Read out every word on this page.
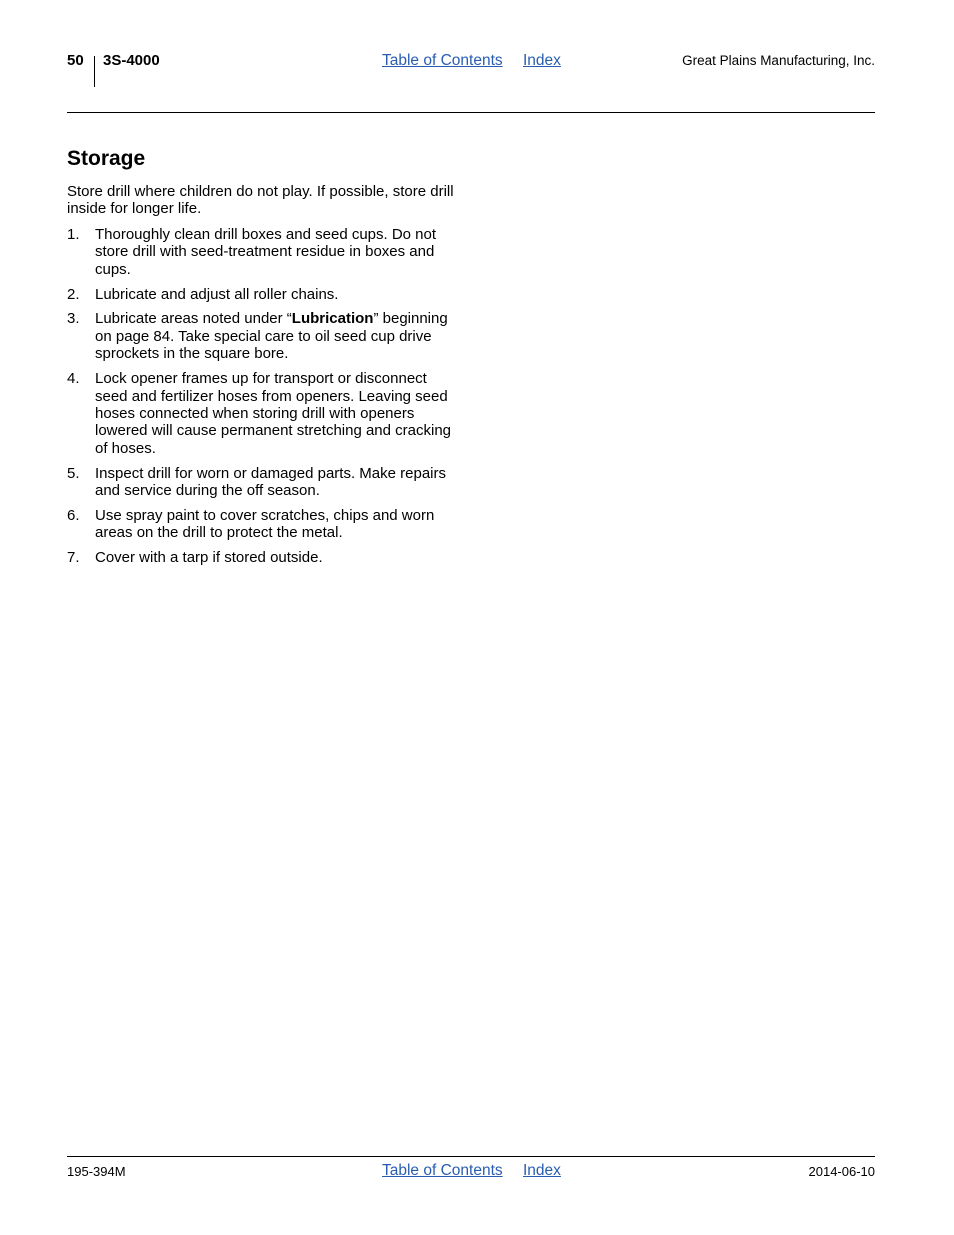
50 3S-4000	Table of Contents Index	Great Plains Manufacturing, Inc.
Storage

Store drill where children do not play. If possible, store drill inside for longer life.

1. Thoroughly clean drill boxes and seed cups. Do not store drill with seed-treatment residue in boxes and cups.
2. Lubricate and adjust all roller chains.
3. Lubricate areas noted under “Lubrication” beginning on page 84. Take special care to oil seed cup drive sprockets in the square bore.
4. Lock opener frames up for transport or disconnect seed and fertilizer hoses from openers. Leaving seed hoses connected when storing drill with openers lowered will cause permanent stretching and cracking of hoses.
5. Inspect drill for worn or damaged parts. Make repairs and service during the off season.
6. Use spray paint to cover scratches, chips and worn areas on the drill to protect the metal.
7. Cover with a tarp if stored outside.
195-394M	Table of Contents Index	2014-06-10
